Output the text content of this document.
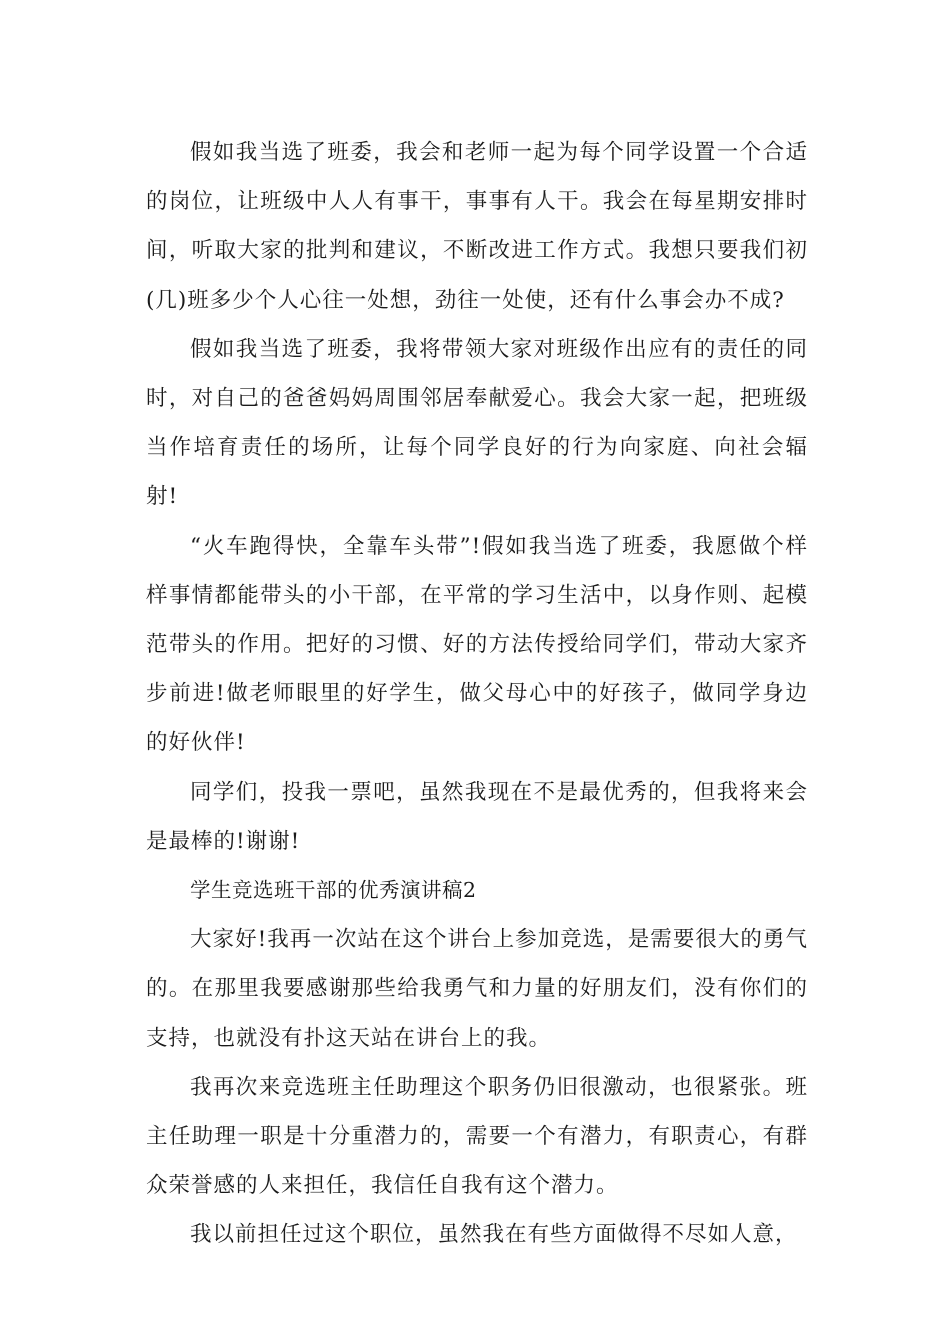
假如我当选了班委，我会和老师一起为每个同学设置一个合适的岗位，让班级中人人有事干，事事有人干。我会在每星期安排时间，听取大家的批判和建议，不断改进工作方式。我想只要我们初(几)班多少个人心往一处想，劲往一处使，还有什么事会办不成?

假如我当选了班委，我将带领大家对班级作出应有的责任的同时，对自己的爸爸妈妈周围邻居奉献爱心。我会大家一起，把班级当作培育责任的场所，让每个同学良好的行为向家庭、向社会辐射!

“火车跑得快，全靠车头带”!假如我当选了班委，我愿做个样样事情都能带头的小干部，在平常的学习生活中，以身作则、起模范带头的作用。把好的习惯、好的方法传授给同学们，带动大家齐步前进!做老师眼里的好学生，做父母心中的好孩子，做同学身边的好伙伴!

同学们，投我一票吧，虽然我现在不是最优秀的，但我将来会是最棒的!谢谢!

学生竞选班干部的优秀演讲稿2

大家好!我再一次站在这个讲台上参加竞选，是需要很大的勇气的。在那里我要感谢那些给我勇气和力量的好朋友们，没有你们的支持，也就没有扑这天站在讲台上的我。

我再次来竞选班主任助理这个职务仍旧很激动，也很紧张。班主任助理一职是十分重潜力的，需要一个有潜力，有职责心，有群众荣誉感的人来担任，我信任自我有这个潜力。

我以前担任过这个职位，虽然我在有些方面做得不尽如人意，
